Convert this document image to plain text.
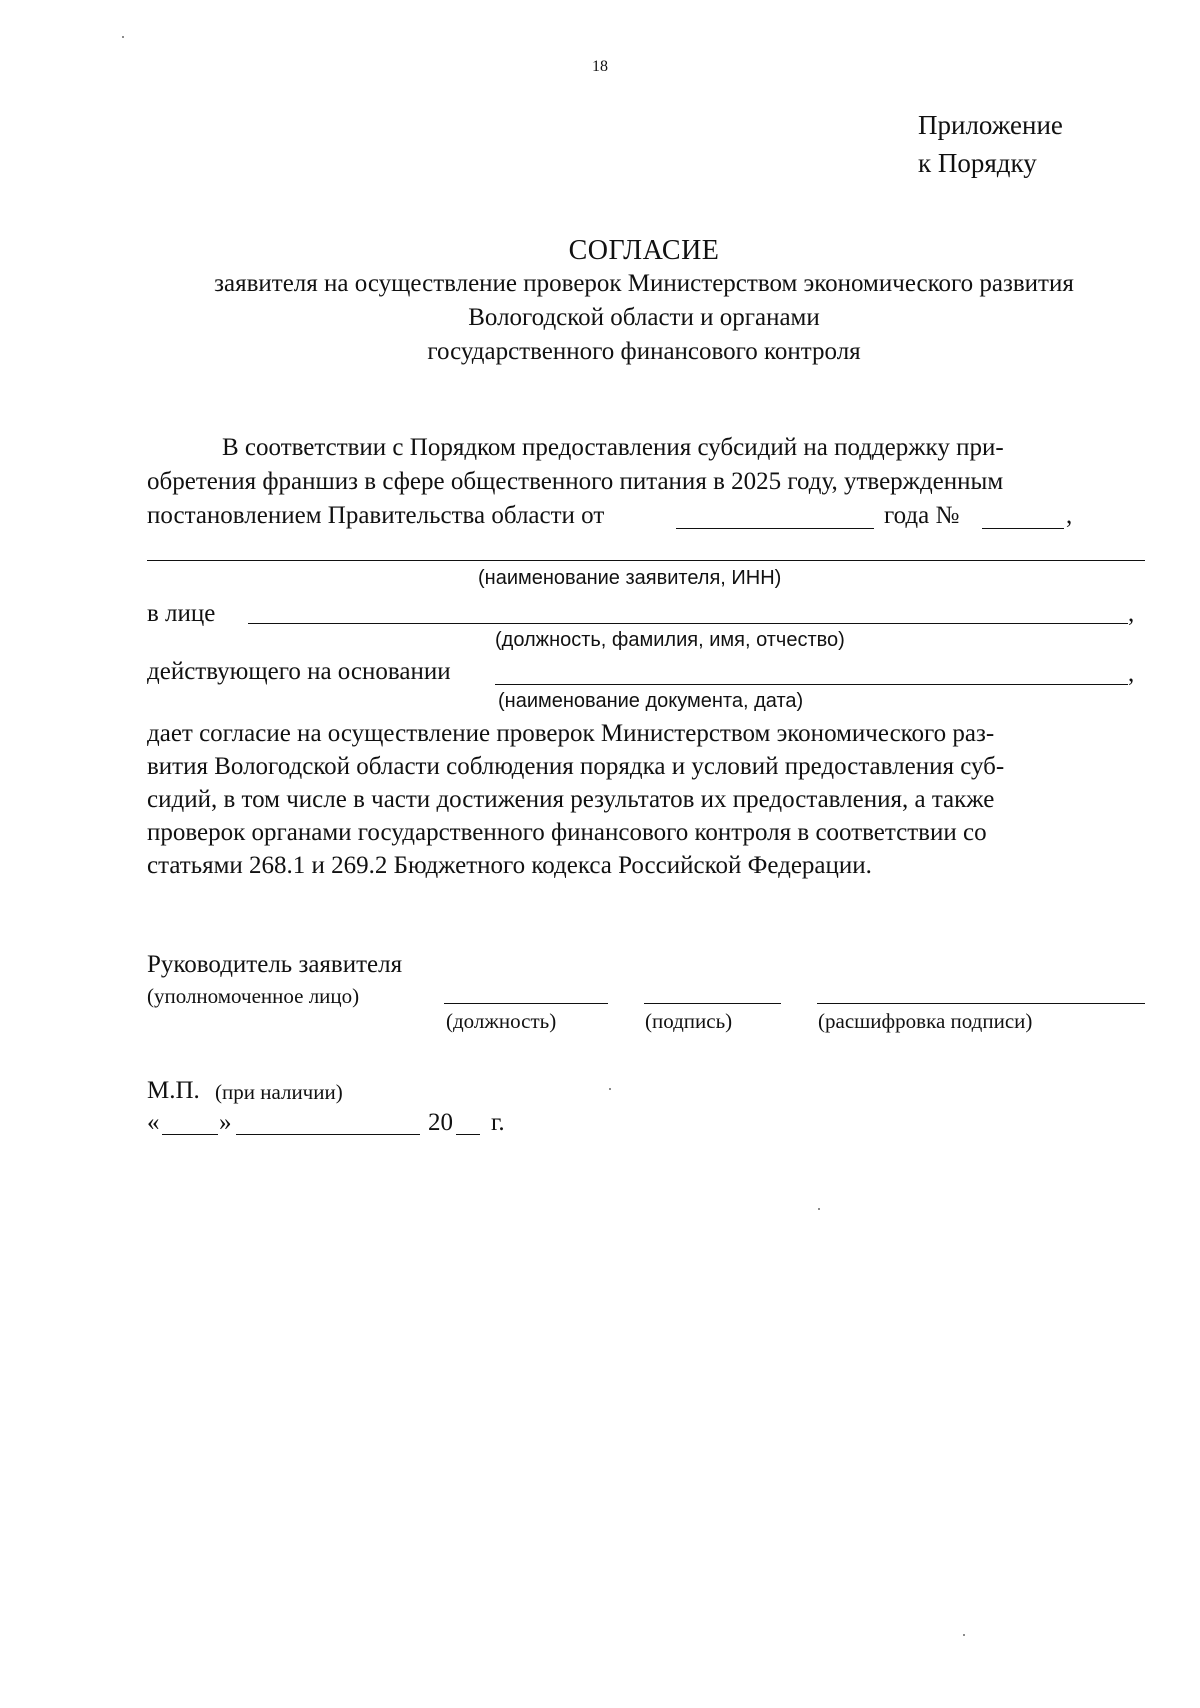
18
Приложение
к Порядку
СОГЛАСИЕ
заявителя на осуществление проверок Министерством экономического развития
Вологодской области и органами
государственного финансового контроля
В соответствии с Порядком предоставления субсидий на поддержку при-
обретения франшиз в сфере общественного питания в 2025 году, утвержденным
постановлением Правительства области от	года №	,
(наименование заявителя, ИНН)
в лице	,
(должность, фамилия, имя, отчество)
действующего на основании	,
(наименование документа, дата)
дает согласие на осуществление проверок Министерством экономического раз-
вития Вологодской области соблюдения порядка и условий предоставления суб-
сидий, в том числе в части достижения результатов их предоставления, а также
проверок органами государственного финансового контроля в соответствии со
статьями 268.1 и 269.2 Бюджетного кодекса Российской Федерации.
Руководитель заявителя
(уполномоченное лицо)
(должность)	(подпись)	(расшифровка подписи)
М.П. (при наличии)
« »	20 г.
